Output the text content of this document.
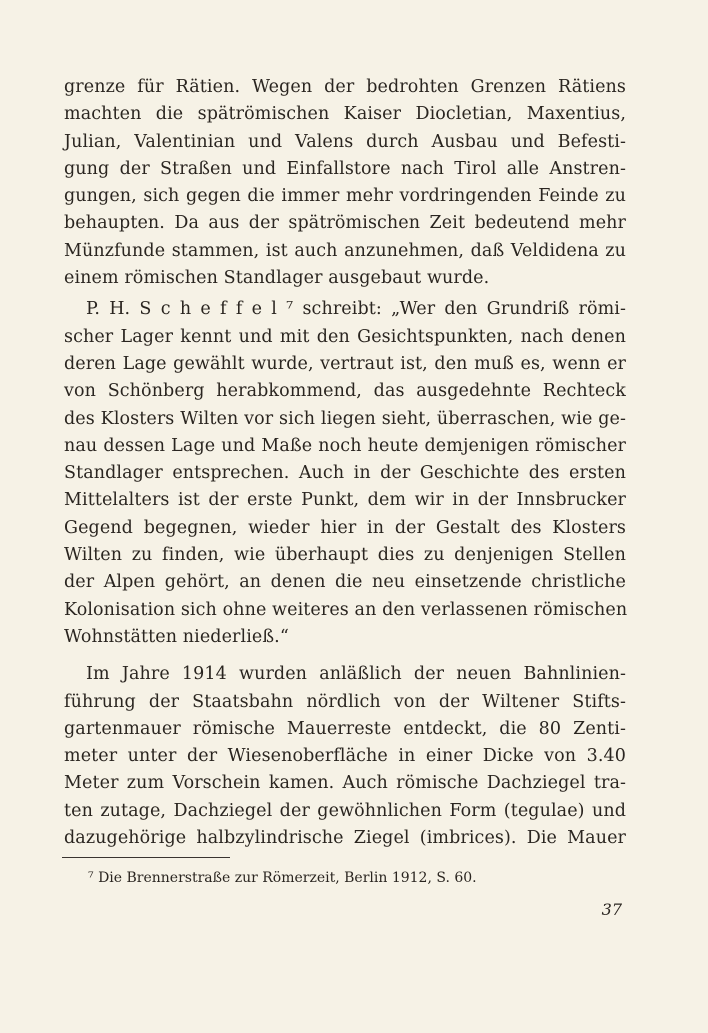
grenze für Rätien. Wegen der bedrohten Grenzen Rätiens
machten die spätrömischen Kaiser Diocletian, Maxentius,
Julian, Valentinian und Valens durch Ausbau und Befesti-
gung der Straßen und Einfallstore nach Tirol alle Anstren-
gungen, sich gegen die immer mehr vordringenden Feinde zu
behaupten. Da aus der spätrömischen Zeit bedeutend mehr
Münzfunde stammen, ist auch anzunehmen, daß Veldidena zu
einem römischen Standlager ausgebaut wurde.
P. H. S c h e f f e l ⁷ schreibt: „Wer den Grundriß römi-
scher Lager kennt und mit den Gesichtspunkten, nach denen
deren Lage gewählt wurde, vertraut ist, den muß es, wenn er
von Schönberg herabkommend, das ausgedehnte Rechteck
des Klosters Wilten vor sich liegen sieht, überraschen, wie ge-
nau dessen Lage und Maße noch heute demjenigen römischer
Standlager entsprechen. Auch in der Geschichte des ersten
Mittelalters ist der erste Punkt, dem wir in der Innsbrucker
Gegend begegnen, wieder hier in der Gestalt des Klosters
Wilten zu finden, wie überhaupt dies zu denjenigen Stellen
der Alpen gehört, an denen die neu einsetzende christliche
Kolonisation sich ohne weiteres an den verlassenen römischen
Wohnstätten niederließ.“
Im Jahre 1914 wurden anläßlich der neuen Bahnlinien-
führung der Staatsbahn nördlich von der Wiltener Stifts-
gartenmauer römische Mauerreste entdeckt, die 80 Zenti-
meter unter der Wiesenoberfläche in einer Dicke von 3.40
Meter zum Vorschein kamen. Auch römische Dachziegel tra-
ten zutage, Dachziegel der gewöhnlichen Form (tegulae) und
dazugehörige halbzylindrische Ziegel (imbrices). Die Mauer
⁷ Die Brennerstraße zur Römerzeit, Berlin 1912, S. 60.
37
